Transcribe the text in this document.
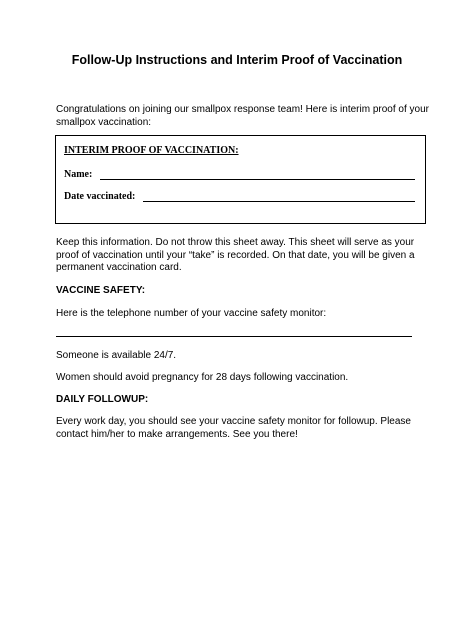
Follow-Up Instructions and Interim Proof of Vaccination
Congratulations on joining our smallpox response team! Here is interim proof of your smallpox vaccination:
INTERIM PROOF OF VACCINATION:
Name:
Date vaccinated:
Keep this information. Do not throw this sheet away. This sheet will serve as your proof of vaccination until your “take” is recorded. On that date, you will be given a permanent vaccination card.
VACCINE SAFETY:
Here is the telephone number of your vaccine safety monitor:
Someone is available 24/7.
Women should avoid pregnancy for 28 days following vaccination.
DAILY FOLLOWUP:
Every work day, you should see your vaccine safety monitor for followup. Please contact him/her to make arrangements. See you there!
